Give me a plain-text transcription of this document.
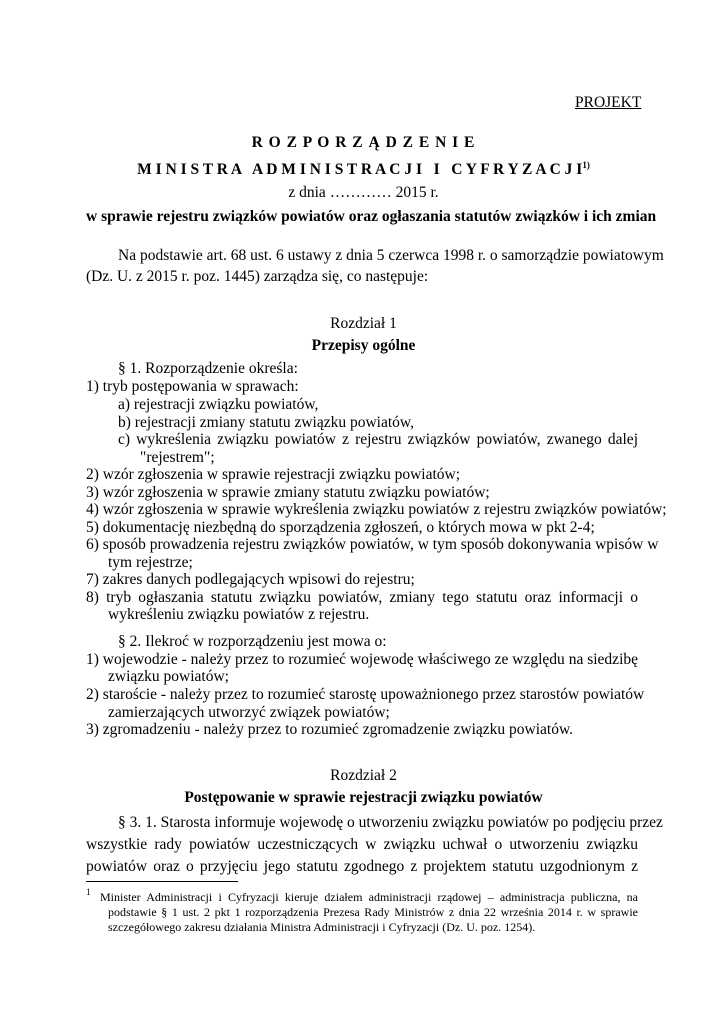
PROJEKT
R O Z P O R Z Ą D Z E N I E
M I N I S T R A   A D M I N I S T R A C J I   I   C Y F R Y Z A C J $I^{1)}$
z dnia ………… 2015 r.
w sprawie rejestru związków powiatów oraz ogłaszania statutów związków i ich zmian
Na podstawie art. 68 ust. 6 ustawy z dnia 5 czerwca 1998 r. o samorządzie powiatowym
(Dz. U. z 2015 r. poz. 1445) zarządza się, co następuje:
Rozdział 1
Przepisy ogólne
§ 1. Rozporządzenie określa:
1) tryb postępowania w sprawach:
a) rejestracji związku powiatów,
b) rejestracji zmiany statutu związku powiatów,
c) wykreślenia związku powiatów z rejestru związków powiatów, zwanego dalej
"rejestrem";
2) wzór zgłoszenia w sprawie rejestracji związku powiatów;
3) wzór zgłoszenia w sprawie zmiany statutu związku powiatów;
4) wzór zgłoszenia w sprawie wykreślenia związku powiatów z rejestru związków powiatów;
5) dokumentację niezbędną do sporządzenia zgłoszeń, o których mowa w pkt 2-4;
6) sposób prowadzenia rejestru związków powiatów, w tym sposób dokonywania wpisów w
tym rejestrze;
7) zakres danych podlegających wpisowi do rejestru;
8) tryb ogłaszania statutu związku powiatów, zmiany tego statutu oraz informacji o
wykreśleniu związku powiatów z rejestru.
§ 2. Ilekroć w rozporządzeniu jest mowa o:
1) wojewodzie - należy przez to rozumieć wojewodę właściwego ze względu na siedzibę
związku powiatów;
2) staroście - należy przez to rozumieć starostę upoważnionego przez starostów powiatów
zamierzających utworzyć związek powiatów;
3) zgromadzeniu - należy przez to rozumieć zgromadzenie związku powiatów.
Rozdział 2
Postępowanie w sprawie rejestracji związku powiatów
§ 3. 1. Starosta informuje wojewodę o utworzeniu związku powiatów po podjęciu przez
wszystkie rady powiatów uczestniczących w związku uchwał o utworzeniu związku
powiatów oraz o przyjęciu jego statutu zgodnego z projektem statutu uzgodnionym z
$^1$ Minister Administracji i Cyfryzacji kieruje działem administracji rządowej – administracja publiczna, na
podstawie § 1 ust. 2 pkt 1 rozporządzenia Prezesa Rady Ministrów z dnia 22 września 2014 r. w sprawie
szczegółowego zakresu działania Ministra Administracji i Cyfryzacji (Dz. U. poz. 1254).
